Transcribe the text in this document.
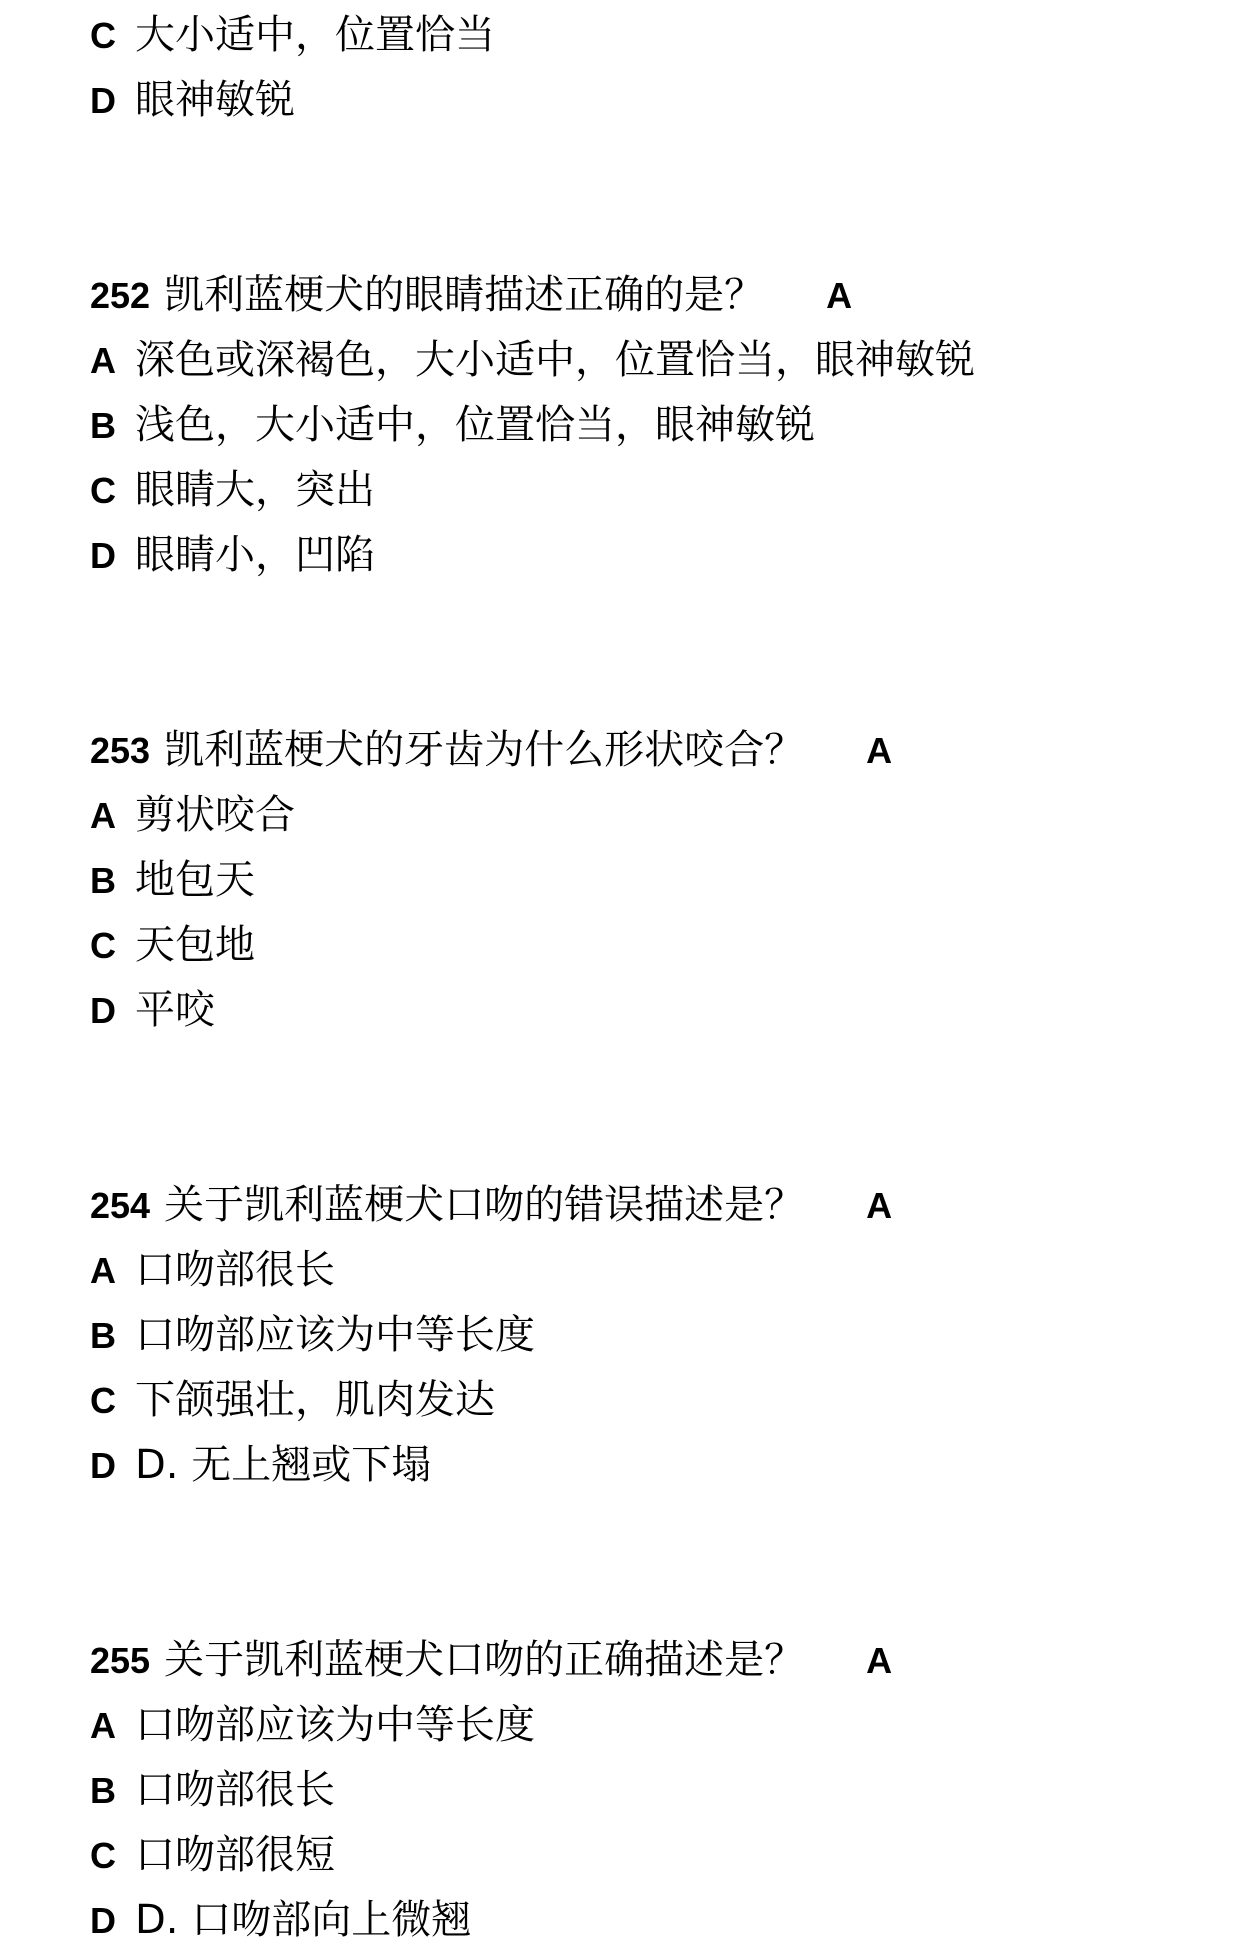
C 大小适中，位置恰当
D 眼神敏锐
252 凯利蓝梗犬的眼睛描述正确的是？ A
A 深色或深褐色，大小适中，位置恰当，眼神敏锐
B 浅色，大小适中，位置恰当，眼神敏锐
C 眼睛大，突出
D 眼睛小，凹陷
253 凯利蓝梗犬的牙齿为什么形状咬合？ A
A 剪状咬合
B 地包天
C 天包地
D 平咬
254 关于凯利蓝梗犬口吻的错误描述是？ A
A 口吻部很长
B 口吻部应该为中等长度
C 下颌强壮，肌肉发达
D D. 无上翘或下塌
255 关于凯利蓝梗犬口吻的正确描述是？ A
A 口吻部应该为中等长度
B 口吻部很长
C 口吻部很短
D D. 口吻部向上微翘
